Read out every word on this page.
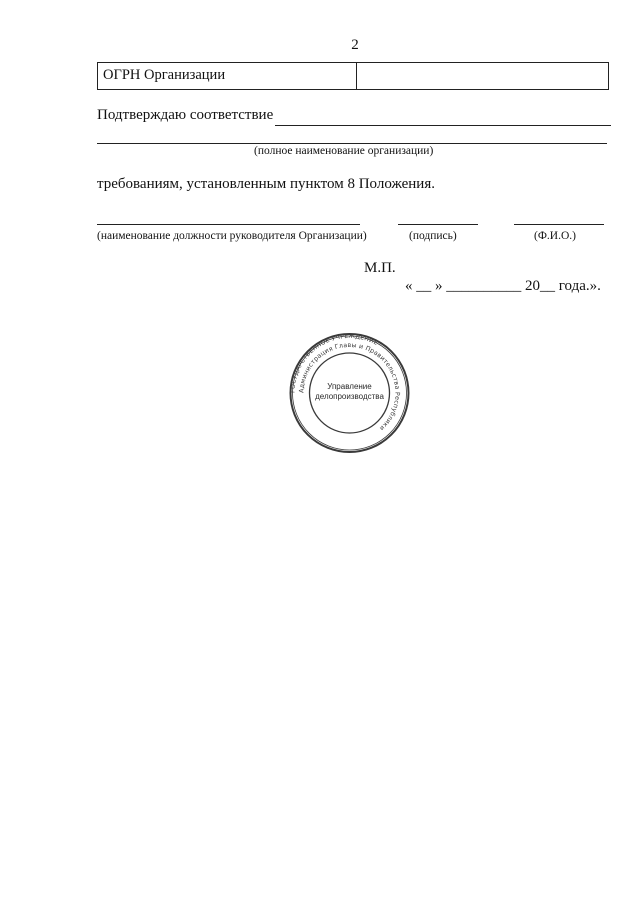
2
ОГРН Организации
Подтверждаю соответствие
(полное наименование организации)
требованиям, установленным пунктом 8 Положения.
(наименование должности руководителя Организации)	(подпись)	(Ф.И.О.)
М.П.
« __ » __________ 20__ года.».
ГОСУДАРСТВЕННОЕ УЧРЕЖДЕНИЕ
Администрация Главы и Правительства Республики
Управление
делопроизводства
